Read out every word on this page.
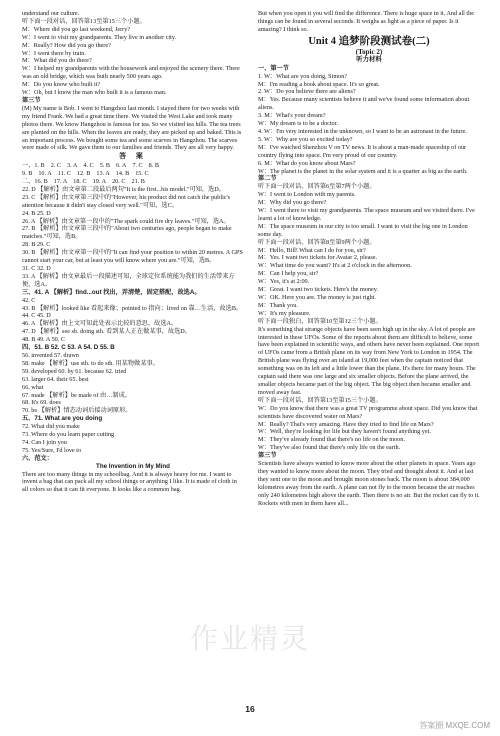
understand our culture.

听下面一段对话，回答第13至第15三个小题。

M：Where did you go last weekend, Jerry?

W：I went to visit my grandparents. They live in another city.

M：Really? How did you go there?

W：I went there by train.

M：What did you do there?

W：I helped my grandparents with the housework and enjoyed the scenery there. There was an old bridge, which was built nearly 500 years ago.

M：Do you know who built it?

W：Oh, but I know the man who built it is a famous man.

第三节

(M) My name is Bob. I went to Hangzhou last month. I stayed there for two weeks with my friend Frank. We had a great time there. We visited the West Lake and took many photos there. We know Hangzhou is famous for tea. So we visited tea hills. The tea trees are planted on the hills. When the leaves are ready, they are picked up and baked. This is an important process. We bought some tea and some scarves in Hangzhou. The scarves were made of silk. We gave them to our families and friends. They are all very happy.

答 案
一、1. B 2. C 3. A 4. C 5. B 6. A 7. C 8. B
9. B 10. A 11. C 12. B 13. A 14. B 15. C
二、16. B 17. A 18. C 19. A 20. C 21. B

22. D 【解析】由文章第二段最后两句"It is the first...his model."可知，选D。

23. C 【解析】由文章第三段中的"However, his product did not catch the public's attention because it didn't stay closed very well."可知，选C。

24. B 25. D

26. A 【解析】由文章第一段中的"The spark could fire dry leaves."可知，选A。

27. B 【解析】由文章第三段中的"About two centuries ago, people began to make matches."可知，选B。

28. B 29. C

30. B 【解析】由文章第一段中的"It can find your position to within 20 metres. A GPS cannot start your car, but at least you will know where you are."可知，选B。

31. C 32. D

33. A 【解析】由文章最后一段描述可知，全球定位系统能为我们的生活带来方便，选A。

三、41. A 【解析】find...out 找出，弄清楚，固定搭配，故选A。

42. C

43. B 【解析】looked like 看起来像；pointed to 指向；lived on 靠…生活，故选B。

44. C 45. D

46. A 【解析】由上文可知此处表示比较的意思，故选A。

47. D 【解析】see sb. doing sth. 看到某人正在做某事，故选D。

48. B 49. A 50. C

四、51. B 52. C 53. A 54. D 55. B

56. invented 57. drawn

58. make 【解析】use sth. to do sth. 用某物做某事。

59. developed 60. by 61. because 62. tried

63. larger 64. their 65. best

66. what

67. made 【解析】be made of 由…制成。

68. It's 69. does

70. be 【解析】情态动词后接动词原形。

五、71. What are you doing

72. What did you make

73. Where do you learn paper cutting

74. Can I join you

75. Yes/Sure, I'd love to

六、范文：

The Invention in My Mind

There are too many things in my schoolbag. And it is always heavy for me. I want to invent a bag that can pack all my school things or anything I like. It is made of cloth in all colors so that it can fit everyone. It looks like a common bag.

But when you open it you will find the difference. There is huge space in it. And all the things can be found in several seconds. It weighs as light as a piece of paper. Is it amazing? I think so.

Unit 4 追梦阶段测试卷(二)
(Topic 2)
听力材料
一、第一节

1. W：What are you doing, Simon?

M：I'm reading a book about space. It's so great.

2. W：Do you believe there are aliens?

M：Yes. Because many scientists believe it and we've found some information about aliens.

3. M：What's your dream?

W：My dream is to be a doctor.

4. W：I'm very interested in the unknown, so I want to be an astronaut in the future.

5. W：Why are you so excited today?

M：I've watched Shenzhou V on TV news. It is about a man-made spaceship of our country flying into space. I'm very proud of our country.

6. M：What do you know about Mars?

W：The planet is the planet in the solar system and it is a quarter as big as the earth.

第二节

听下面一段对话，回答第6至第7两个小题。

W：I went to London with my parents.

M：Why did you go there?

W：I went there to visit my grandparents. The space museum and we visited there. I've learnt a lot of knowledge.

M：The space museum in our city is too small. I want to visit the big one in London some day.

听下面一段对话，回答第8至第9两个小题。

M：Hello, Bill! What can I do for you, sir?

M：Yes. I want two tickets for Avatar 2, please.

W：What time do you want? It's at 2 o'clock in the afternoon.

M：Can I help you, sir?

W：Yes, it's at 2:00.

M：Great. I want two tickets. Here's the money.

W：OK. Here you are. The money is just right.

M：Thank you.

W：It's my pleasure.

听下面一段独白，回答第10至第12三个小题。

It's something that strange objects have been seen high up in the sky. A lot of people are interested in these UFOs. Some of the reports about them are difficult to believe, some have been explained in scientific ways, and others have never been explained. One report of UFOs came from a British plane on its way from New York to London in 1954. The British plane was flying over an island at 19,000 feet when the captain noticed that something was on its left and a little lower than the plane. It's there for many hours. The captain said there was one large and six smaller objects. Before the plane arrived, the smaller objects became part of the big object. The big object then became smaller and moved away fast.

听下面一段对话，回答第13至第15三个小题。

W：Do you know that there was a great TV programme about space. Did you know that scientists have discovered water on Mars?

M：Really? That's very amazing. Have they tried to find life on Mars?

W：Well, they're looking for life but they haven't found anything yet.

M：They've already found that there's no life on the moon.

W：They've also found that there's only life on the earth.

第三节

Scientists have always wanted to know more about the other planets in space. Years ago they wanted to know more about the moon. They tried and thought about it. And at last they sent one to the moon and brought moon stones back. The moon is about 384,000 kilometres away from the earth. A plane can not fly to the moon because the air reaches only 240 kilometres high above the earth. Then there is no air. But the rocket can fly to it. Rockets with men in them have all...

作业精灵
16
答案圈 MXQE.COM
